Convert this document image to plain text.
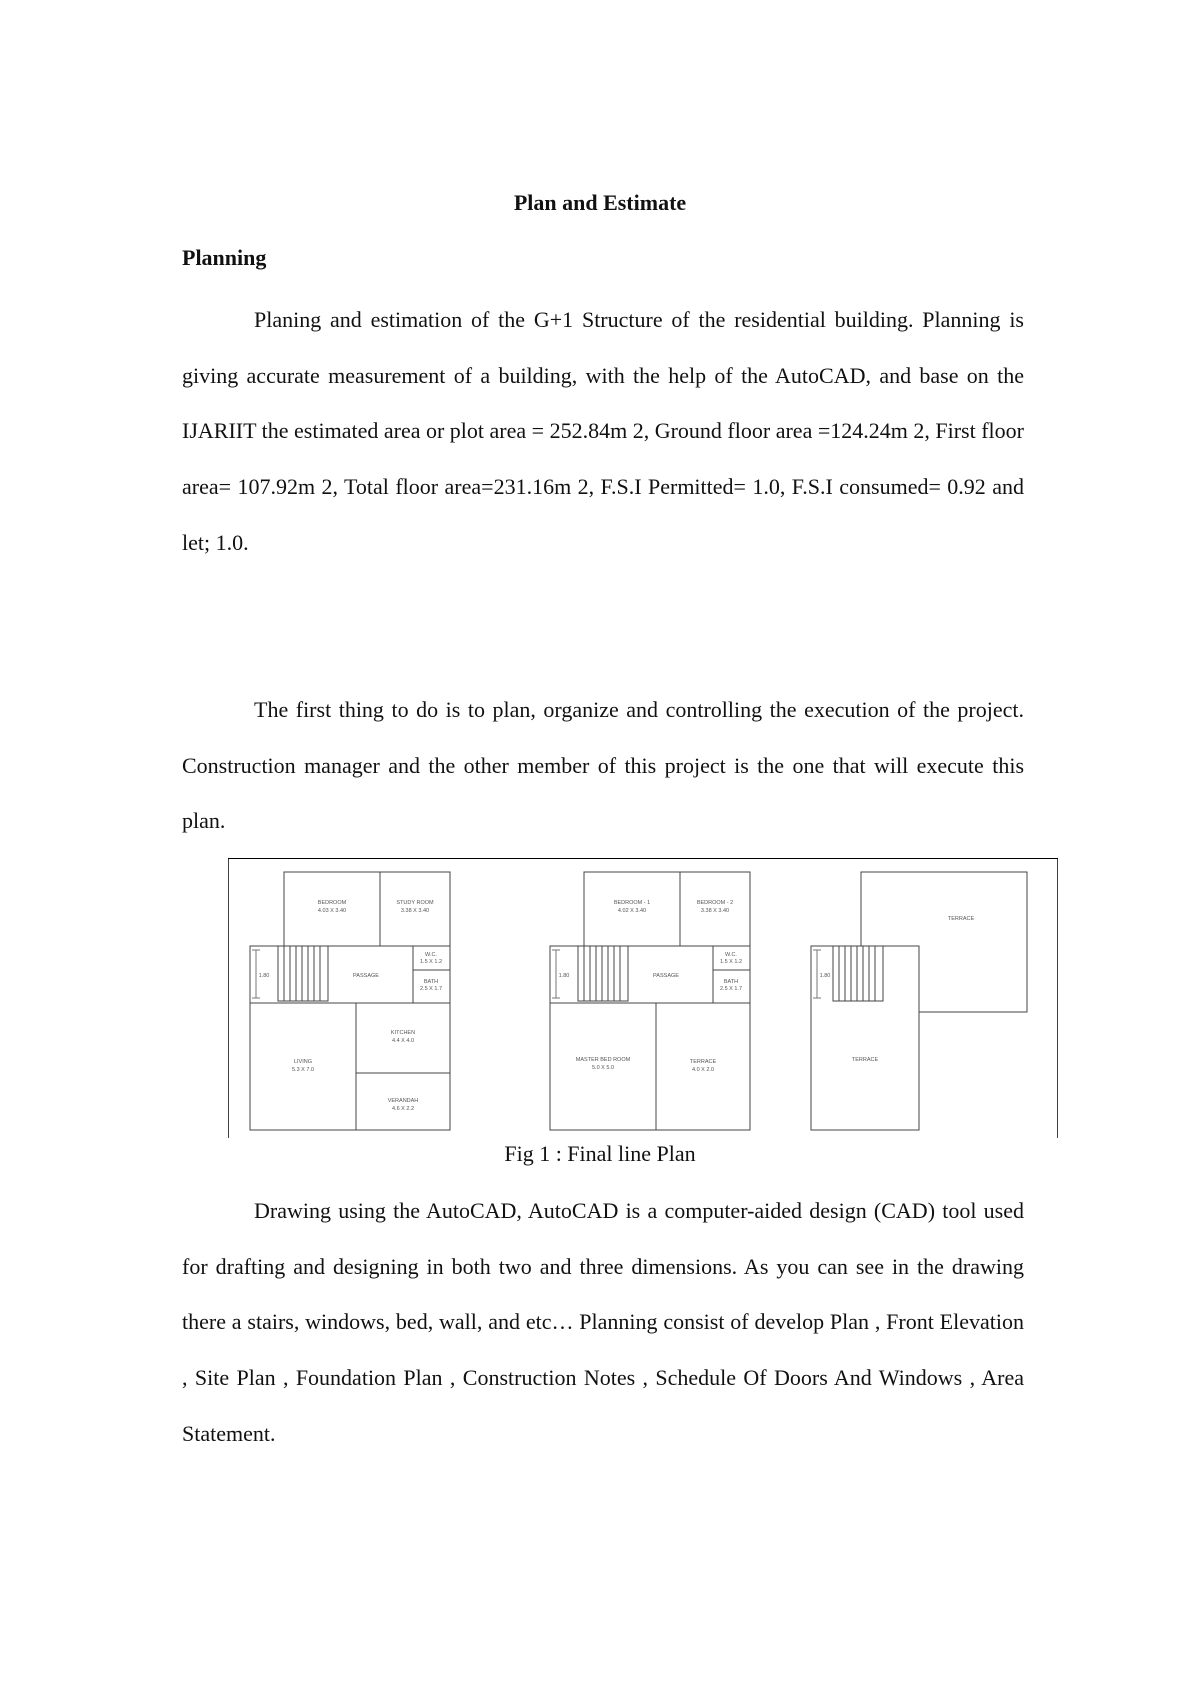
Plan and Estimate
Planning

Planing and estimation of the G+1 Structure of the residential building. Planning is giving accurate measurement of a building, with the help of the AutoCAD, and base on the IJARIIT the estimated area or plot area = 252.84m 2, Ground floor area =124.24m 2, First floor area= 107.92m 2, Total floor area=231.16m 2, F.S.I Permitted= 1.0, F.S.I consumed= 0.92 and let; 1.0.

The first thing to do is to plan, organize and controlling the execution of the project. Construction manager and the other member of this project is the one that will execute this plan.

BEDROOM
4.03 X 3.40
STUDY ROOM
3.38 X 3.40
PASSAGE
W.C.
1.5 X 1.2
BATH
2.5 X 1.7
KITCHEN
4.4 X 4.0
LIVING
5.3 X 7.0
VERANDAH
4.6 X 2.2
1.80
BEDROOM - 1
4.02 X 3.40
BEDROOM - 2
3.38 X 3.40
PASSAGE
W.C.
1.5 X 1.2
BATH
2.5 X 1.7
MASTER BED ROOM
5.0 X 5.0
TERRACE
4.0 X 2.0
1.80
TERRACE
TERRACE
1.80
Fig 1 : Final line Plan

Drawing using the AutoCAD, AutoCAD is a computer-aided design (CAD) tool used for drafting and designing in both two and three dimensions. As you can see in the drawing there a stairs, windows, bed, wall, and etc… Planning consist of develop Plan , Front Elevation , Site Plan , Foundation Plan , Construction Notes , Schedule Of Doors And Windows , Area Statement.
